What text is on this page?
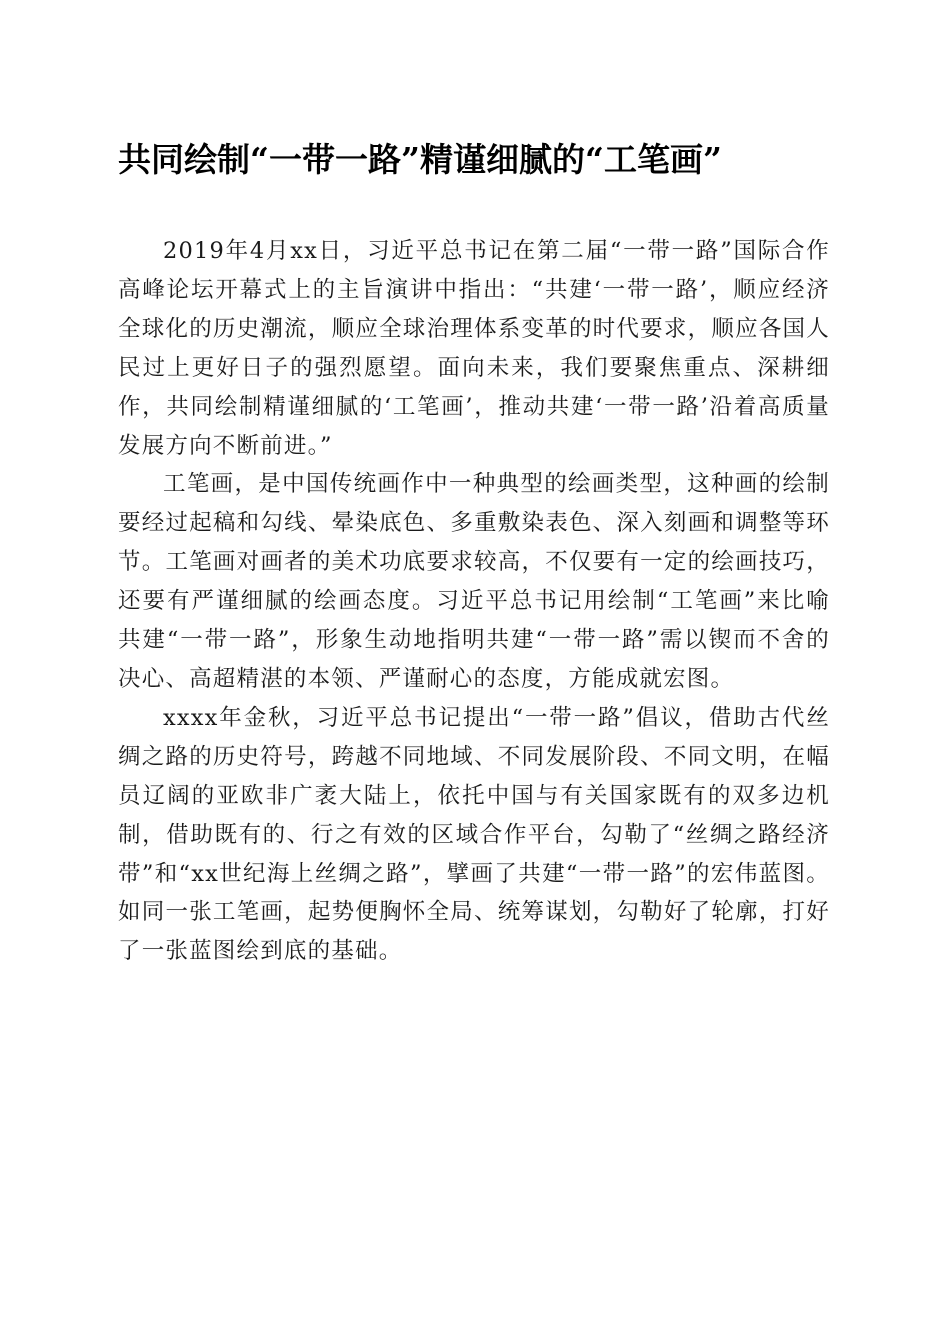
共同绘制“一带一路”精谨细腻的“工笔画”

2019年4月xx日，习近平总书记在第二届“一带一路”国际合作高峰论坛开幕式上的主旨演讲中指出：“共建‘一带一路’，顺应经济全球化的历史潮流，顺应全球治理体系变革的时代要求，顺应各国人民过上更好日子的强烈愿望。面向未来，我们要聚焦重点、深耕细作，共同绘制精谨细腻的‘工笔画’，推动共建‘一带一路’沿着高质量发展方向不断前进。”

工笔画，是中国传统画作中一种典型的绘画类型，这种画的绘制要经过起稿和勾线、晕染底色、多重敷染表色、深入刻画和调整等环节。工笔画对画者的美术功底要求较高，不仅要有一定的绘画技巧，还要有严谨细腻的绘画态度。习近平总书记用绘制“工笔画”来比喻共建“一带一路”，形象生动地指明共建“一带一路”需以锲而不舍的决心、高超精湛的本领、严谨耐心的态度，方能成就宏图。

xxxx年金秋，习近平总书记提出“一带一路”倡议，借助古代丝绸之路的历史符号，跨越不同地域、不同发展阶段、不同文明，在幅员辽阔的亚欧非广袤大陆上，依托中国与有关国家既有的双多边机制，借助既有的、行之有效的区域合作平台，勾勒了“丝绸之路经济带”和“xx世纪海上丝绸之路”，擘画了共建“一带一路”的宏伟蓝图。如同一张工笔画，起势便胸怀全局、统筹谋划，勾勒好了轮廓，打好了一张蓝图绘到底的基础。
